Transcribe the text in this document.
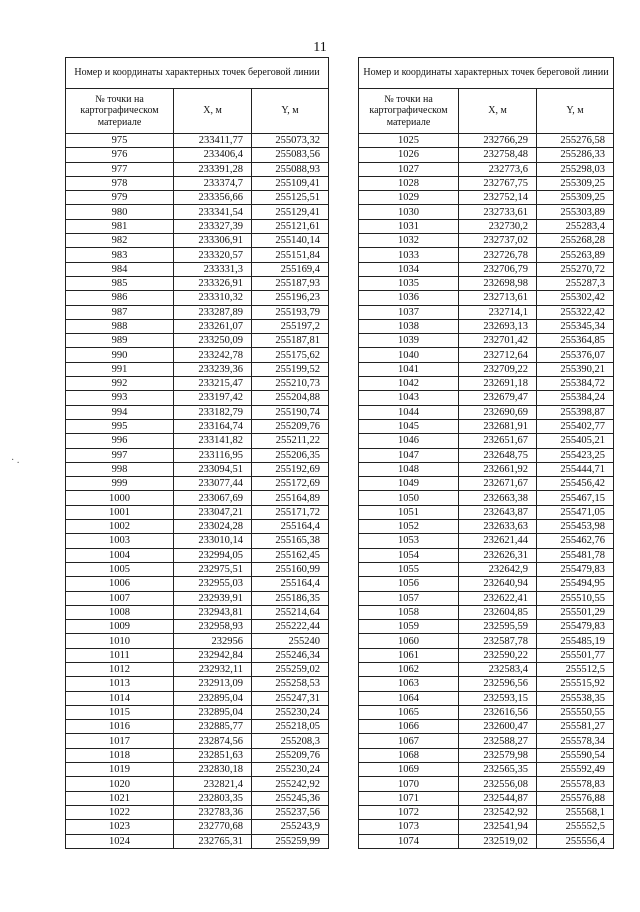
11
· .
Номер и координаты характерных точек береговой линии		
№ точки на картографическом материале	X, м	Y, м
975	233411,77	255073,32
976	233406,4	255083,56
977	233391,28	255088,93
978	233374,7	255109,41
979	233356,66	255125,51
980	233341,54	255129,41
981	233327,39	255121,61
982	233306,91	255140,14
983	233320,57	255151,84
984	233331,3	255169,4
985	233326,91	255187,93
986	233310,32	255196,23
987	233287,89	255193,79
988	233261,07	255197,2
989	233250,09	255187,81
990	233242,78	255175,62
991	233239,36	255199,52
992	233215,47	255210,73
993	233197,42	255204,88
994	233182,79	255190,74
995	233164,74	255209,76
996	233141,82	255211,22
997	233116,95	255206,35
998	233094,51	255192,69
999	233077,44	255172,69
1000	233067,69	255164,89
1001	233047,21	255171,72
1002	233024,28	255164,4
1003	233010,14	255165,38
1004	232994,05	255162,45
1005	232975,51	255160,99
1006	232955,03	255164,4
1007	232939,91	255186,35
1008	232943,81	255214,64
1009	232958,93	255222,44
1010	232956	255240
1011	232942,84	255246,34
1012	232932,11	255259,02
1013	232913,09	255258,53
1014	232895,04	255247,31
1015	232895,04	255230,24
1016	232885,77	255218,05
1017	232874,56	255208,3
1018	232851,63	255209,76
1019	232830,18	255230,24
1020	232821,4	255242,92
1021	232803,35	255245,36
1022	232783,36	255237,56
1023	232770,68	255243,9
1024	232765,31	255259,99
Номер и координаты характерных точек береговой линии		
№ точки на картографическом материале	X, м	Y, м
1025	232766,29	255276,58
1026	232758,48	255286,33
1027	232773,6	255298,03
1028	232767,75	255309,25
1029	232752,14	255309,25
1030	232733,61	255303,89
1031	232730,2	255283,4
1032	232737,02	255268,28
1033	232726,78	255263,89
1034	232706,79	255270,72
1035	232698,98	255287,3
1036	232713,61	255302,42
1037	232714,1	255322,42
1038	232693,13	255345,34
1039	232701,42	255364,85
1040	232712,64	255376,07
1041	232709,22	255390,21
1042	232691,18	255384,72
1043	232679,47	255384,24
1044	232690,69	255398,87
1045	232681,91	255402,77
1046	232651,67	255405,21
1047	232648,75	255423,25
1048	232661,92	255444,71
1049	232671,67	255456,42
1050	232663,38	255467,15
1051	232643,87	255471,05
1052	232633,63	255453,98
1053	232621,44	255462,76
1054	232626,31	255481,78
1055	232642,9	255479,83
1056	232640,94	255494,95
1057	232622,41	255510,55
1058	232604,85	255501,29
1059	232595,59	255479,83
1060	232587,78	255485,19
1061	232590,22	255501,77
1062	232583,4	255512,5
1063	232596,56	255515,92
1064	232593,15	255538,35
1065	232616,56	255550,55
1066	232600,47	255581,27
1067	232588,27	255578,34
1068	232579,98	255590,54
1069	232565,35	255592,49
1070	232556,08	255578,83
1071	232544,87	255576,88
1072	232542,92	255568,1
1073	232541,94	255552,5
1074	232519,02	255556,4
